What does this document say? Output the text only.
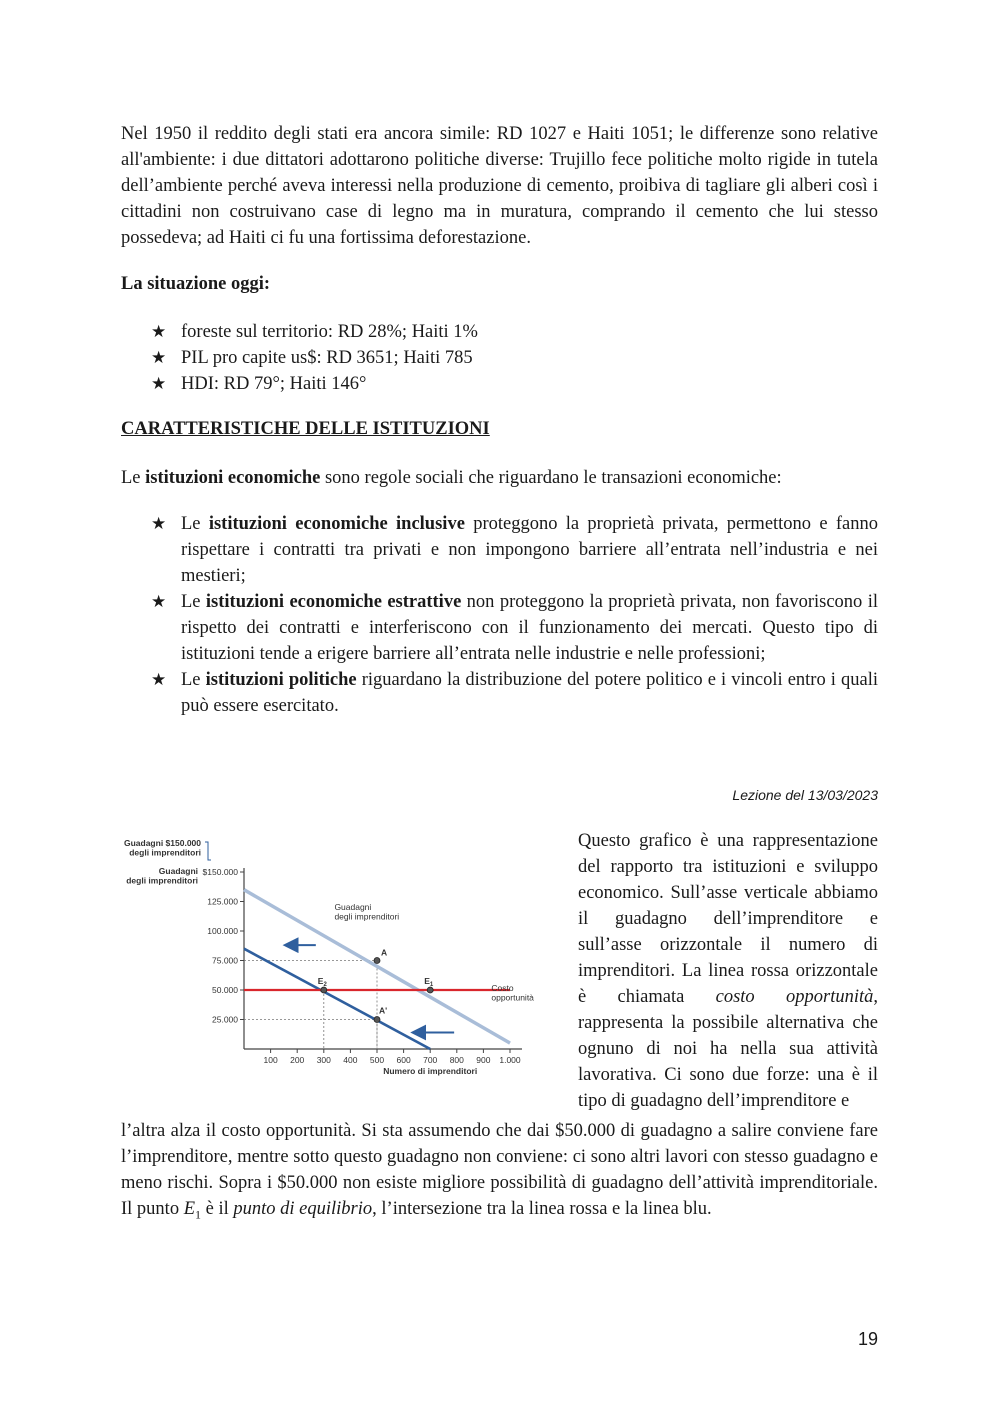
Nel 1950 il reddito degli stati era ancora simile: RD 1027 e Haiti 1051; le differenze sono relative all'ambiente: i due dittatori adottarono politiche diverse: Trujillo fece politiche molto rigide in tutela dell’ambiente perché aveva interessi nella produzione di cemento, proibiva di tagliare gli alberi così i cittadini non costruivano case di legno ma in muratura, comprando il cemento che lui stesso possedeva; ad Haiti ci fu una fortissima deforestazione.
La situazione oggi:
★ foreste sul territorio: RD 28%; Haiti 1%
★ PIL pro capite us$: RD 3651; Haiti 785
★ HDI: RD 79°; Haiti 146°
CARATTERISTICHE DELLE ISTITUZIONI
Le istituzioni economiche sono regole sociali che riguardano le transazioni economiche:
★ Le istituzioni economiche inclusive proteggono la proprietà privata, permettono e fanno rispettare i contratti tra privati e non impongono barriere all’entrata nell’industria e nei mestieri;
★ Le istituzioni economiche estrattive non proteggono la proprietà privata, non favoriscono il rispetto dei contratti e interferiscono con il funzionamento dei mercati. Questo tipo di istituzioni tende a erigere barriere all’entrata nelle industrie e nelle professioni;
★ Le istituzioni politiche riguardano la distribuzione del potere politico e i vincoli entro i quali può essere esercitato.
Lezione del 13/03/2023
Guadagni $150.000 degli imprenditori
Guadagni degli imprenditori
$150.000
125.000
100.000
75.000
50.000
25.000
100 200 300 400 500 600 700 800 900 1.000
Numero di imprenditori
Guadagni degli imprenditori
Costo opportunità
A
$E_1$
$E_2$
A'
Questo grafico è una rappresentazione del rapporto tra istituzioni e sviluppo economico. Sull’asse verticale abbiamo il guadagno dell’imprenditore e sull’asse orizzontale il numero di imprenditori. La linea rossa orizzontale è chiamata costo opportunità, rappresenta la possibile alternativa che ognuno di noi ha nella sua attività lavorativa. Ci sono due forze: una è il tipo di guadagno dell’imprenditore e
l’altra alza il costo opportunità. Si sta assumendo che dai $50.000 di guadagno a salire conviene fare l’imprenditore, mentre sotto questo guadagno non conviene: ci sono altri lavori con stesso guadagno e meno rischi. Sopra i $50.000 non esiste migliore possibilità di guadagno dell’attività imprenditoriale. Il punto $E_1$ è il punto di equilibrio, l’intersezione tra la linea rossa e la linea blu.
19
